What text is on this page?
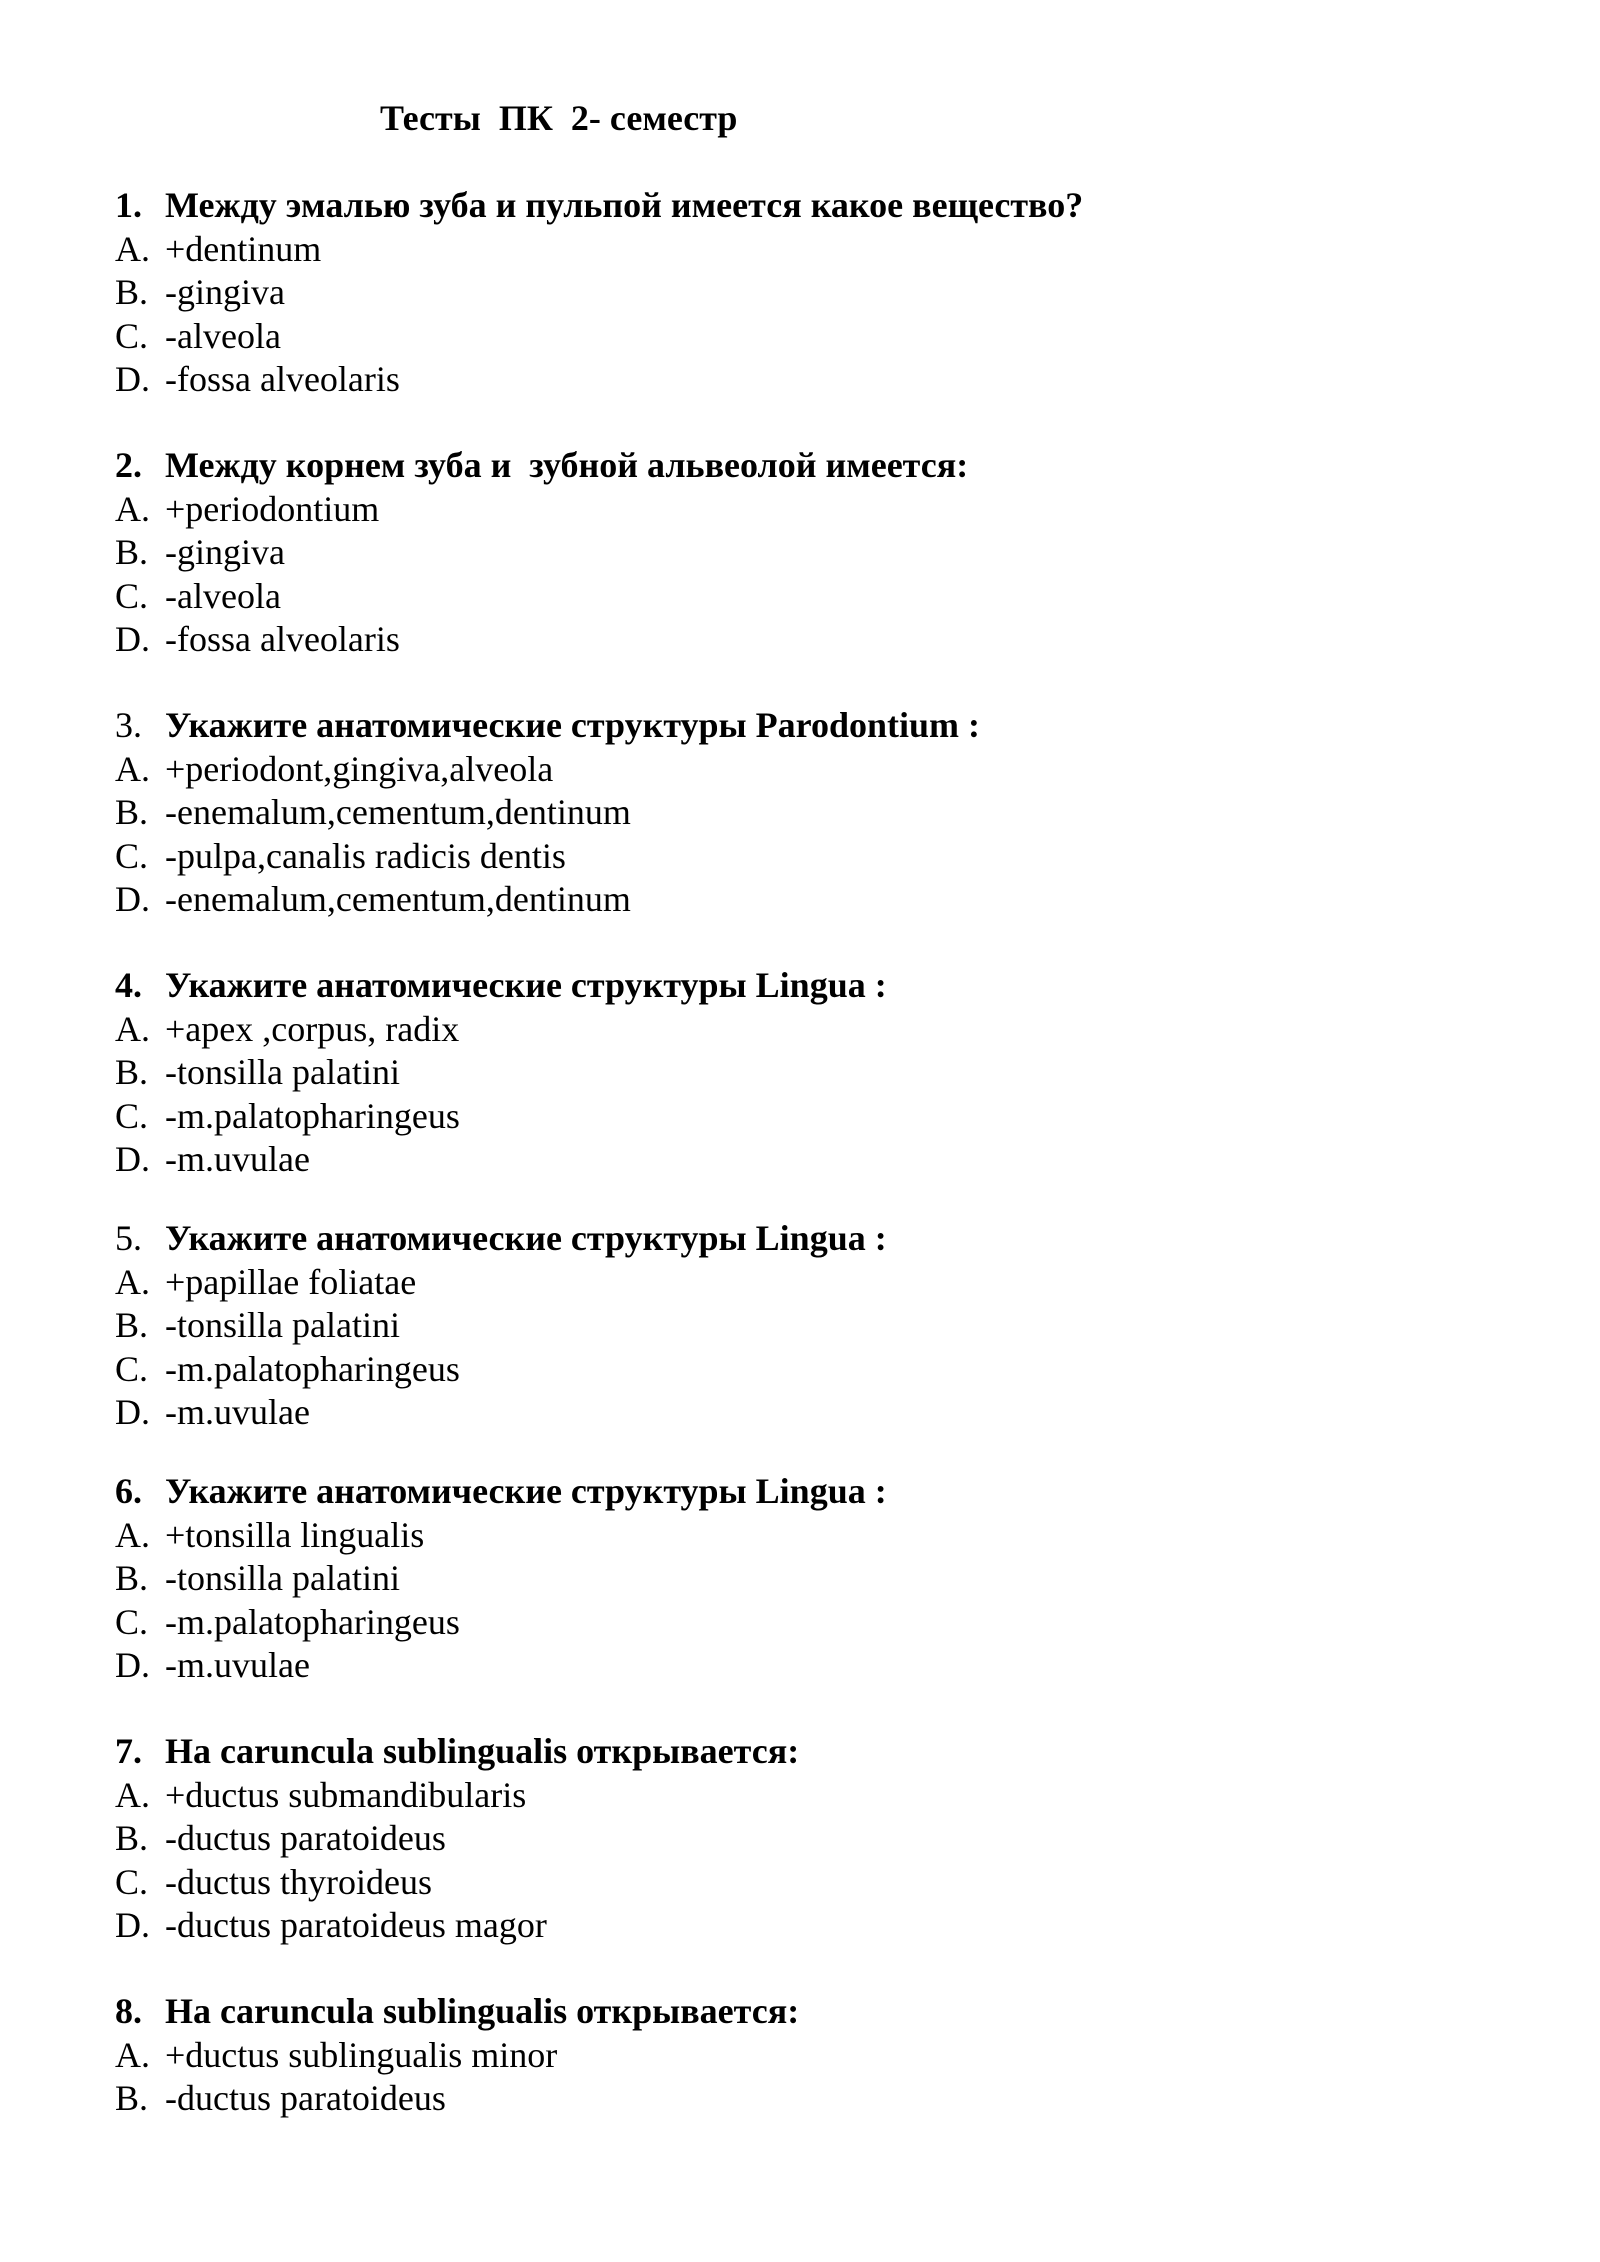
Тесты  ПК  2- семестр
1. Между эмалью зуба и пульпой имеется какое вещество?
A. +dentinum
B. -gingiva
C. -alveola
D. -fossa alveolaris
2. Между корнем зуба и  зубной альвеолой имеется:
A. +periodontium
B. -gingiva
C. -alveola
D. -fossa alveolaris
3. Укажите анатомические структуры Parodontium :
A. +periodont,gingiva,alveola
B. -enemalum,cementum,dentinum
C. -pulpa,canalis radicis dentis
D. -enemalum,cementum,dentinum
4. Укажите анатомические структуры Lingua :
A. +apex ,corpus, radix
B. -tonsilla palatini
C. -m.palatopharingeus
D. -m.uvulae
5. Укажите анатомические структуры Lingua :
A. +papillae foliatae
B. -tonsilla palatini
C. -m.palatopharingeus
D. -m.uvulae
6. Укажите анатомические структуры Lingua :
A. +tonsilla lingualis
B. -tonsilla palatini
C. -m.palatopharingeus
D. -m.uvulae
7. На caruncula sublingualis открывается:
A. +ductus submandibularis
B. -ductus paratoideus
C. -ductus thyroideus
D. -ductus paratoideus magor
8. На caruncula sublingualis открывается:
A. +ductus sublingualis minor
B. -ductus paratoideus
